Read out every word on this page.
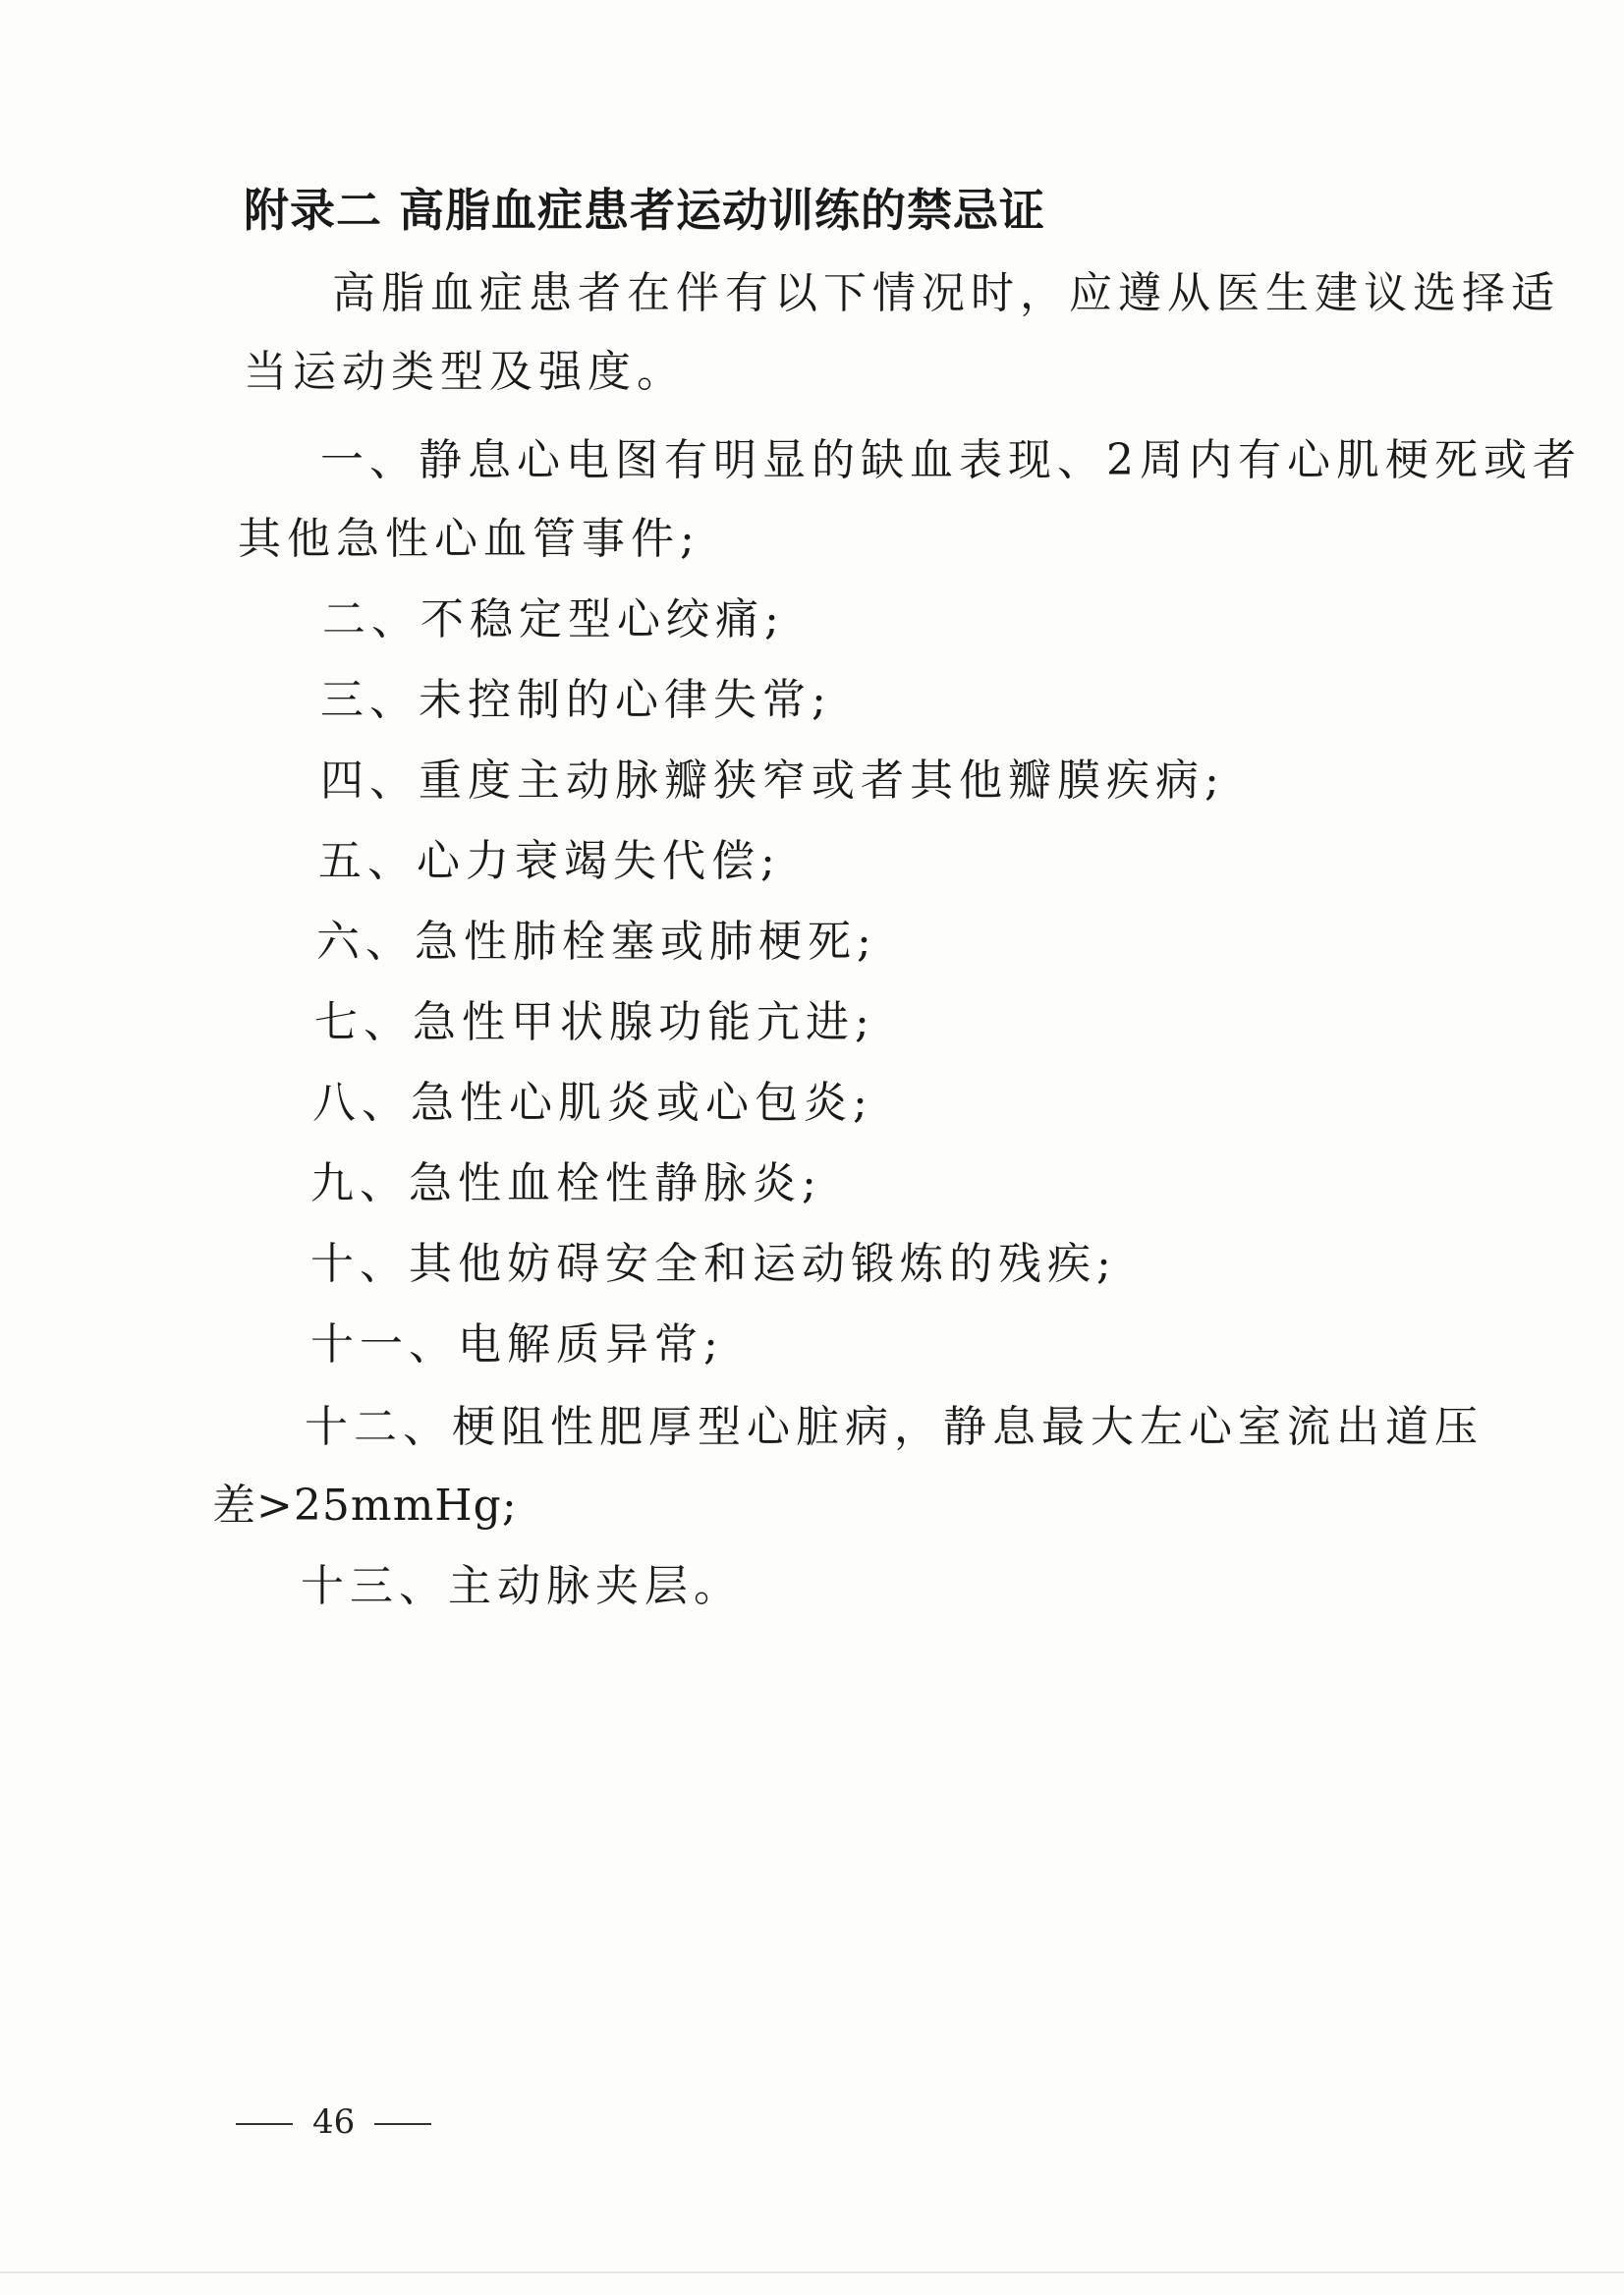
附录二 高脂血症患者运动训练的禁忌证
高脂血症患者在伴有以下情况时，应遵从医生建议选择适
当运动类型及强度。
一、静息心电图有明显的缺血表现、2周内有心肌梗死或者
其他急性心血管事件;
二、不稳定型心绞痛;
三、未控制的心律失常;
四、重度主动脉瓣狭窄或者其他瓣膜疾病;
五、心力衰竭失代偿;
六、急性肺栓塞或肺梗死;
七、急性甲状腺功能亢进;
八、急性心肌炎或心包炎;
九、急性血栓性静脉炎;
十、其他妨碍安全和运动锻炼的残疾;
十一、电解质异常;
十二、梗阻性肥厚型心脏病，静息最大左心室流出道压
差>25mmHg;
十三、主动脉夹层。
46
